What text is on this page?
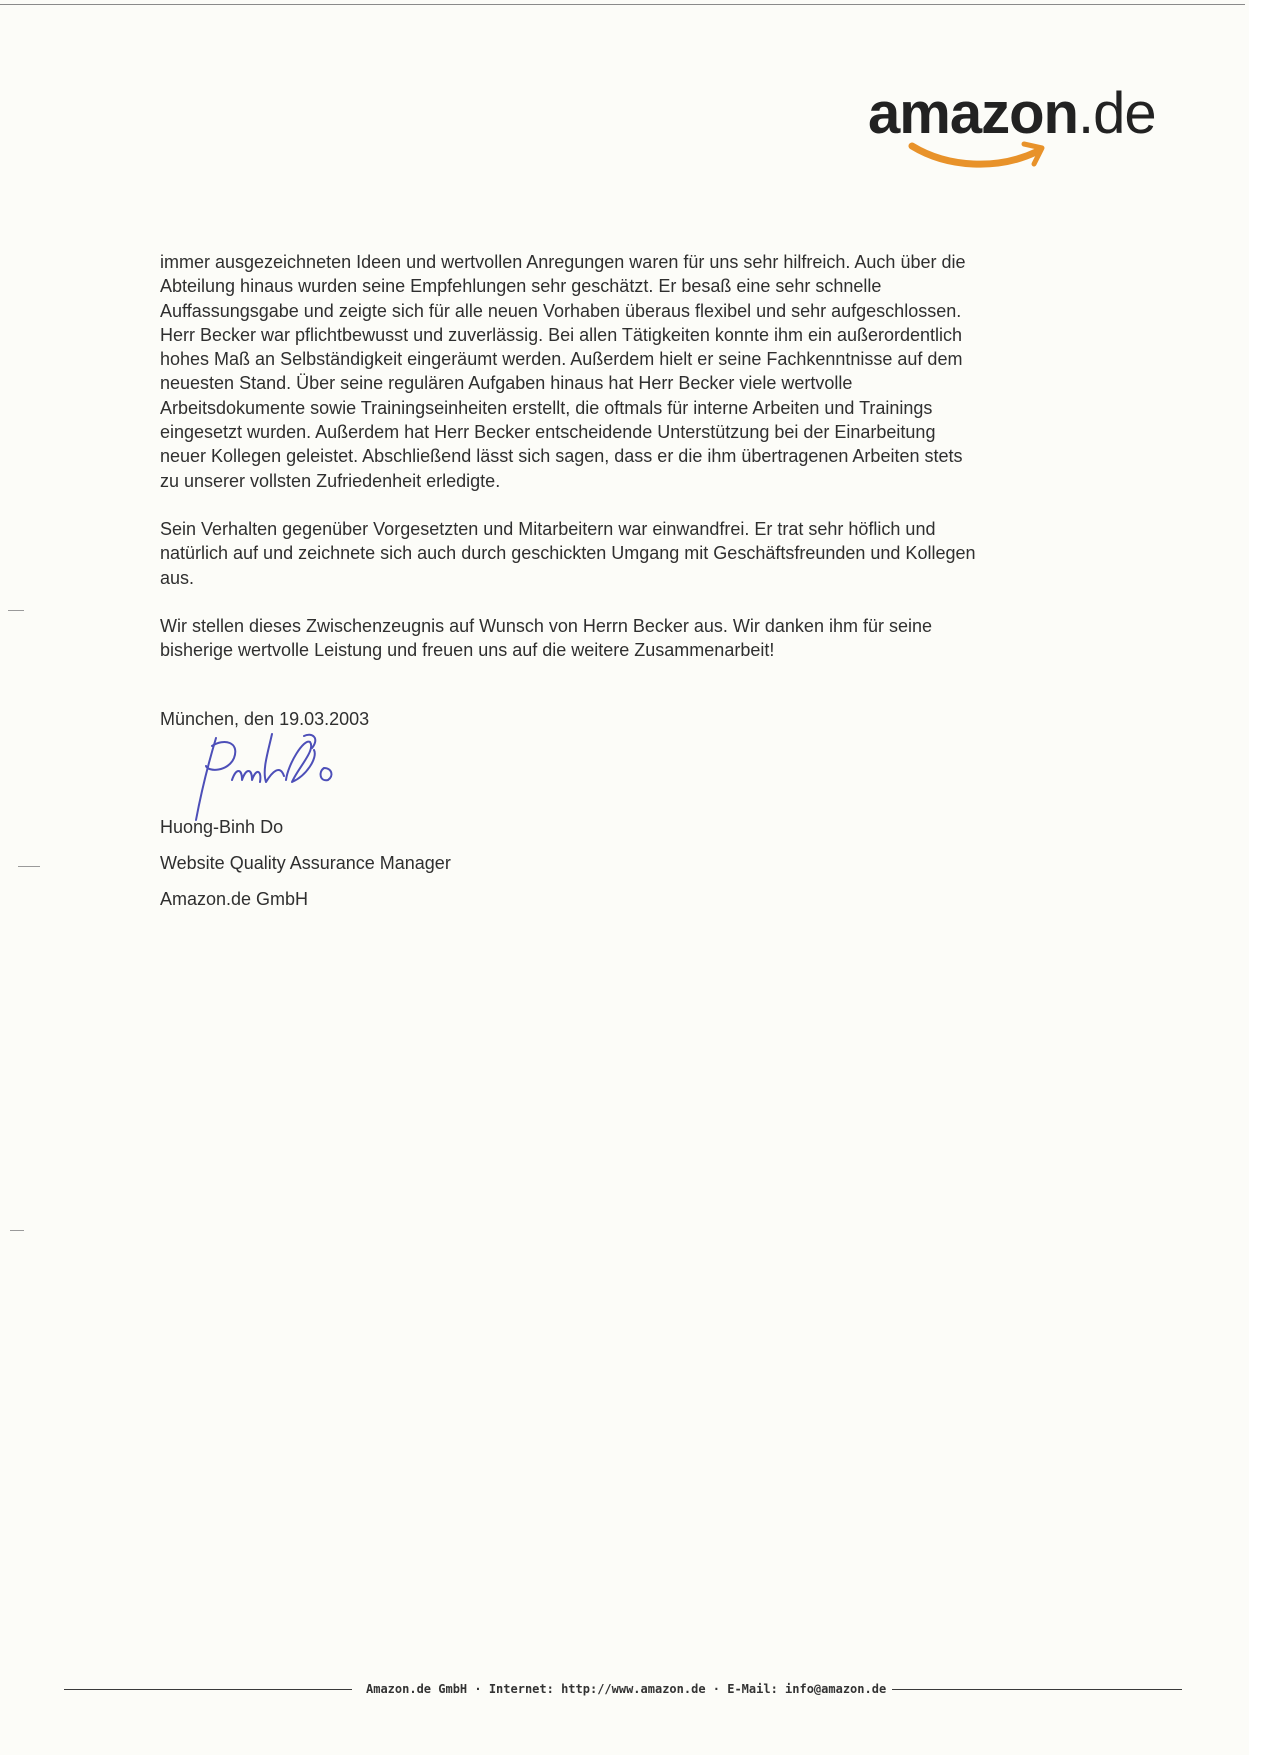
amazon.de

immer ausgezeichneten Ideen und wertvollen Anregungen waren für uns sehr hilfreich. Auch über die
Abteilung hinaus wurden seine Empfehlungen sehr geschätzt. Er besaß eine sehr schnelle
Auffassungsgabe und zeigte sich für alle neuen Vorhaben überaus flexibel und sehr aufgeschlossen.
Herr Becker war pflichtbewusst und zuverlässig. Bei allen Tätigkeiten konnte ihm ein außerordentlich
hohes Maß an Selbständigkeit eingeräumt werden. Außerdem hielt er seine Fachkenntnisse auf dem
neuesten Stand. Über seine regulären Aufgaben hinaus hat Herr Becker viele wertvolle
Arbeitsdokumente sowie Trainingseinheiten erstellt, die oftmals für interne Arbeiten und Trainings
eingesetzt wurden. Außerdem hat Herr Becker entscheidende Unterstützung bei der Einarbeitung
neuer Kollegen geleistet. Abschließend lässt sich sagen, dass er die ihm übertragenen Arbeiten stets
zu unserer vollsten Zufriedenheit erledigte.

Sein Verhalten gegenüber Vorgesetzten und Mitarbeitern war einwandfrei. Er trat sehr höflich und
natürlich auf und zeichnete sich auch durch geschickten Umgang mit Geschäftsfreunden und Kollegen
aus.

Wir stellen dieses Zwischenzeugnis auf Wunsch von Herrn Becker aus. Wir danken ihm für seine
bisherige wertvolle Leistung und freuen uns auf die weitere Zusammenarbeit!

München, den 19.03.2003
Huong-Binh Do
Website Quality Assurance Manager
Amazon.de GmbH
Amazon.de GmbH · Internet: http://www.amazon.de · E-Mail: info@amazon.de
